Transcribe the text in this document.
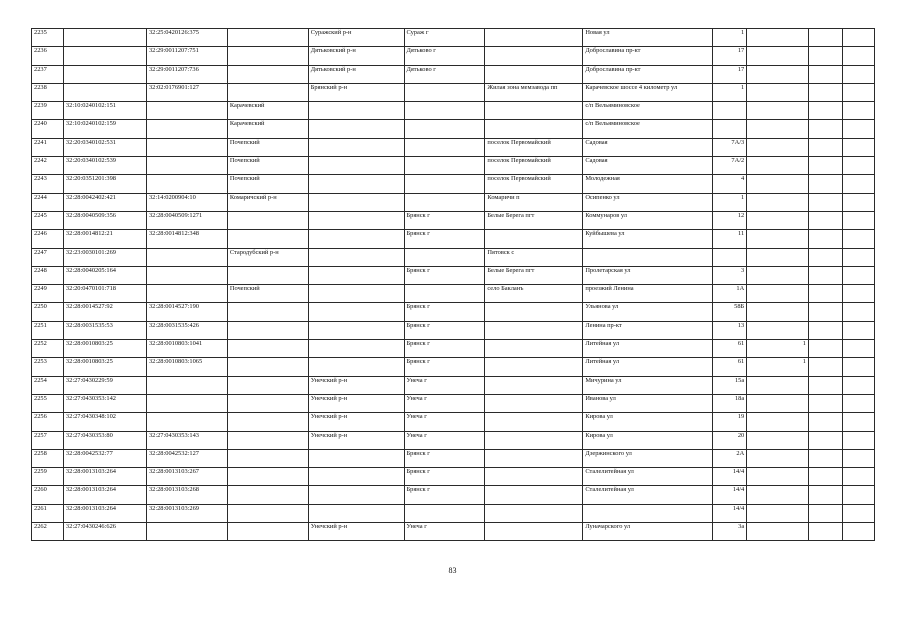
2235		32:25:0420126:375		Суражский р-н	Сураж г			Новая ул	1			
2236		32:29:0011207:751		Дятьковский р-н	Дятьково г			Доброславина пр-кт	17			
2237		32:29:0011207:736		Дятьковский р-н	Дятьково г			Доброславина пр-кт	17			
2238		32:02:0176901:127		Брянский р-н			Жилая зона мемзавода пп	Карачевское шоссе 4 километр ул	1			
2239	32:10:0240102:151		Карачевский					с/п Вельяминовское				
2240	32:10:0240102:159		Карачевский					с/п Вельяминовское				
2241	32:20:0340102:531		Почепский				поселок Первомайский	Садовая	7А/3			
2242	32:20:0340102:539		Почепский				поселок Первомайский	Садовая	7А/2			
2243	32:20:0351201:398		Почепский				поселок Первомайский	Молодежная	4			
2244	32:28:0042402:421	32:14:0200904:10	Комаричский р-н				Комаричи п	Осипенко ул	1			
2245	32:28:0040509:356	32:28:0040509:1271			Брянск г		Белые Берега пгт	Коммунаров ул	12			
2246	32:28:0014812:21	32:28:0014812:348			Брянск г			Куйбышева ул	11			
2247	32:23:0030101:269		Стародубский р-н				Пятовск с					
2248	32:28:0040205:164				Брянск г		Белые Берега пгт	Пролетарская ул	3			
2249	32:20:0470101:718		Почепский				село Бакланъ	проезжий Ленина	1А			
2250	32:28:0014527:92	32:28:0014527:190			Брянск г			Ульянова ул	58Б			
2251	32:28:0031535:53	32:28:0031535:426			Брянск г			Ленина пр-кт	13			
2252	32:28:0010803:25	32:28:0010803:1041			Брянск г			Литейная ул	61	1		
2253	32:28:0010803:25	32:28:0010803:1065			Брянск г			Литейная ул	61	1		
2254	32:27:0430229:59			Унечский р-н	Унеча г			Мичурина ул	15а			
2255	32:27:0430353:142			Унечский р-н	Унеча г			Иванова ул	18а			
2256	32:27:0430348:102			Унечский р-н	Унеча г			Кирова ул	19			
2257	32:27:0430353:80	32:27:0430353:143		Унечский р-н	Унеча г			Кирова ул	20			
2258	32:28:0042532:77	32:28:0042532:127			Брянск г			Дзержинского ул	2А			
2259	32:28:0013103:264	32:28:0013103:267			Брянск г			Сталелитейная ул	14/4			
2260	32:28:0013103:264	32:28:0013103:268			Брянск г			Сталелитейная ул	14/4			
2261	32:28:0013103:264	32:28:0013103:269							14/4			
2262	32:27:0430246:626			Унечский р-н	Унеча г			Луначарского ул	3а			
83
